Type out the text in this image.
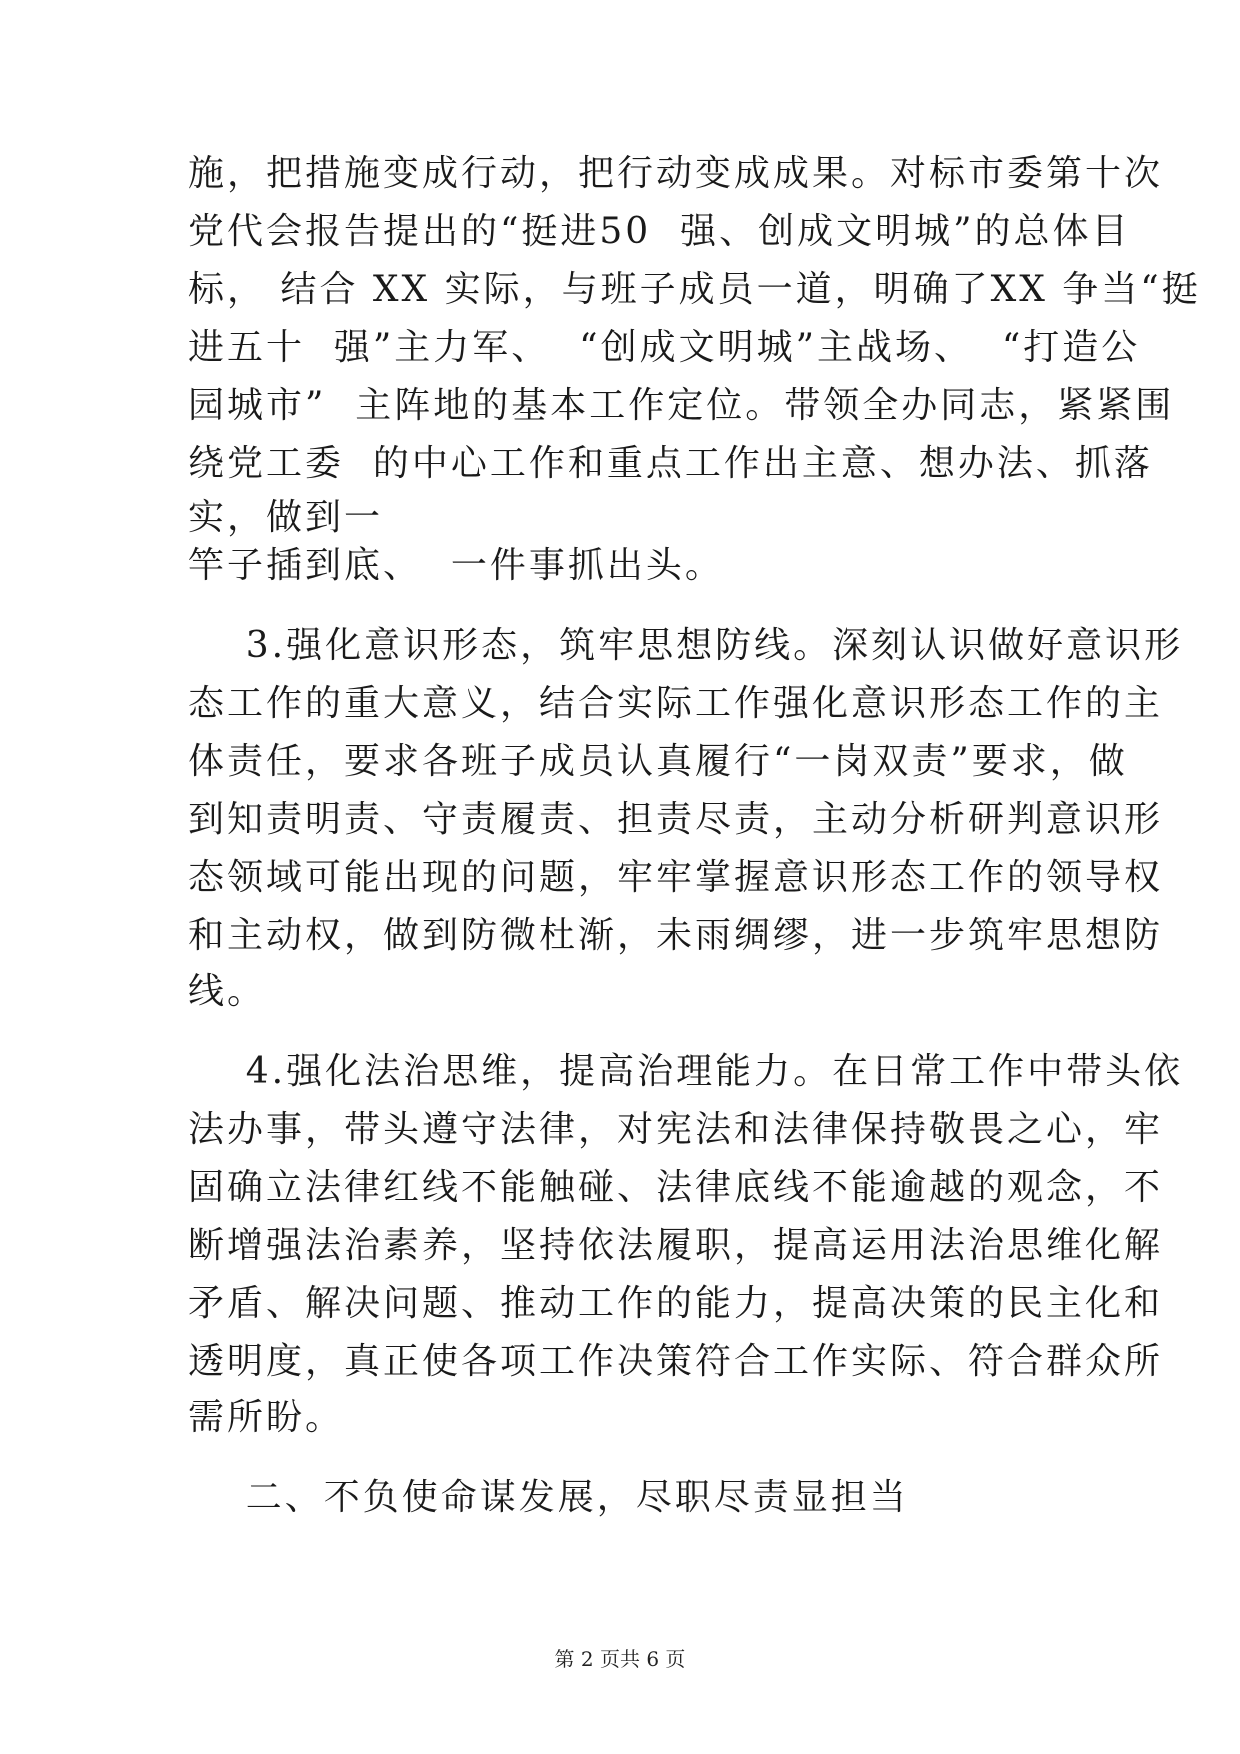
施，把措施变成行动，把行动变成成果。对标市委第十次
党代会报告提出的“挺进50  强、创成文明城”的总体目
标， 结合 XX 实际，与班子成员一道，明确了XX 争当“挺
进五十  强”主力军、  “创成文明城”主战场、  “打造公
园城市”  主阵地的基本工作定位。带领全办同志，紧紧围
绕党工委  的中心工作和重点工作出主意、想办法、抓落
实，做到一
竿子插到底、  一件事抓出头。
3.强化意识形态，筑牢思想防线。深刻认识做好意识形
态工作的重大意义，结合实际工作强化意识形态工作的主
体责任，要求各班子成员认真履行“一岗双责”要求，做
到知责明责、守责履责、担责尽责，主动分析研判意识形
态领域可能出现的问题，牢牢掌握意识形态工作的领导权
和主动权，做到防微杜渐，未雨绸缪，进一步筑牢思想防
线。
4.强化法治思维，提高治理能力。在日常工作中带头依
法办事，带头遵守法律，对宪法和法律保持敬畏之心，牢
固确立法律红线不能触碰、法律底线不能逾越的观念，不
断增强法治素养，坚持依法履职，提高运用法治思维化解
矛盾、解决问题、推动工作的能力，提高决策的民主化和
透明度，真正使各项工作决策符合工作实际、符合群众所
需所盼。
二、不负使命谋发展，尽职尽责显担当
第 2 页共 6 页
